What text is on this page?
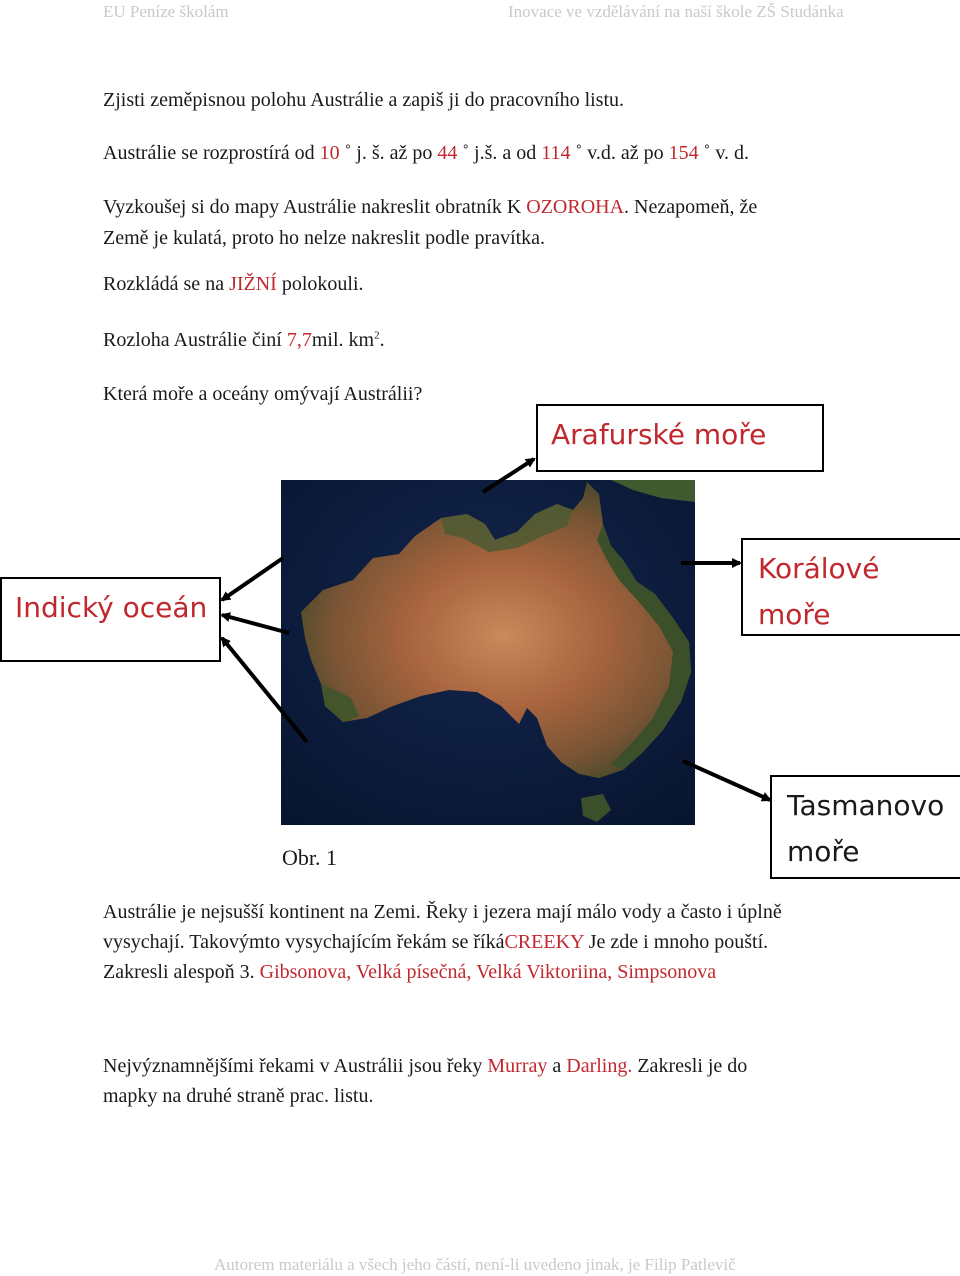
EU Peníze školám	Inovace ve vzdělávání na naší škole ZŠ Studánka
Zjisti zeměpisnou polohu Austrálie a zapiš ji do pracovního listu.
Austrálie se rozprostírá od 10 ˚ j. š. až po 44 ˚ j.š. a od 114 ˚ v.d. až po 154 ˚ v. d.
Vyzkoušej si do mapy Austrálie nakreslit obratník K OZOROHA. Nezapomeň, že
Země je kulatá, proto ho nelze nakreslit podle pravítka.
Rozkládá se na JIŽNÍ polokouli.
Rozloha Austrálie činí 7,7mil. $km^2$.
Která moře a oceány omývají Austrálii?
Arafurské moře
Indický oceán
Korálové
moře
Tasmanovo
moře
Obr. 1
Austrálie je nejsušší kontinent na Zemi. Řeky i jezera mají málo vody a často i úplně
vysychají. Takovýmto vysychajícím řekám se říkáCREEKY Je zde i mnoho pouští.
Zakresli alespoň 3. Gibsonova, Velká písečná, Velká Viktoriina, Simpsonova
Nejvýznamnějšími řekami v Austrálii jsou řeky Murray a Darling. Zakresli je do
mapky na druhé straně prac. listu.
Autorem materiálu a všech jeho částí, není-li uvedeno jinak, je Filip Patlevič
